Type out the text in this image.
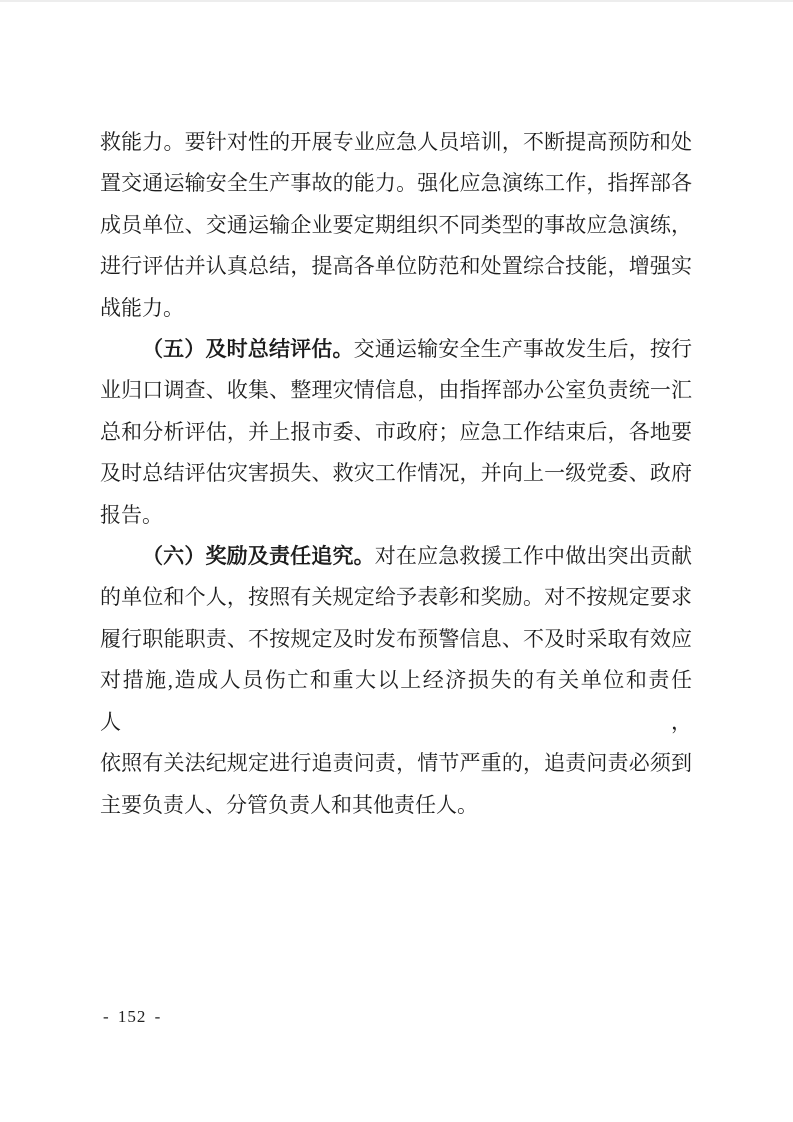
救能力。要针对性的开展专业应急人员培训，不断提高预防和处
置交通运输安全生产事故的能力。强化应急演练工作，指挥部各
成员单位、交通运输企业要定期组织不同类型的事故应急演练，
进行评估并认真总结，提高各单位防范和处置综合技能，增强实
战能力。
（五）及时总结评估。交通运输安全生产事故发生后，按行
业归口调查、收集、整理灾情信息，由指挥部办公室负责统一汇
总和分析评估，并上报市委、市政府；应急工作结束后，各地要
及时总结评估灾害损失、救灾工作情况，并向上一级党委、政府
报告。
（六）奖励及责任追究。对在应急救援工作中做出突出贡献
的单位和个人，按照有关规定给予表彰和奖励。对不按规定要求
履行职能职责、不按规定及时发布预警信息、不及时采取有效应
对措施,造成人员伤亡和重大以上经济损失的有关单位和责任人，
依照有关法纪规定进行追责问责，情节严重的，追责问责必须到
主要负责人、分管负责人和其他责任人。
- 152 -
